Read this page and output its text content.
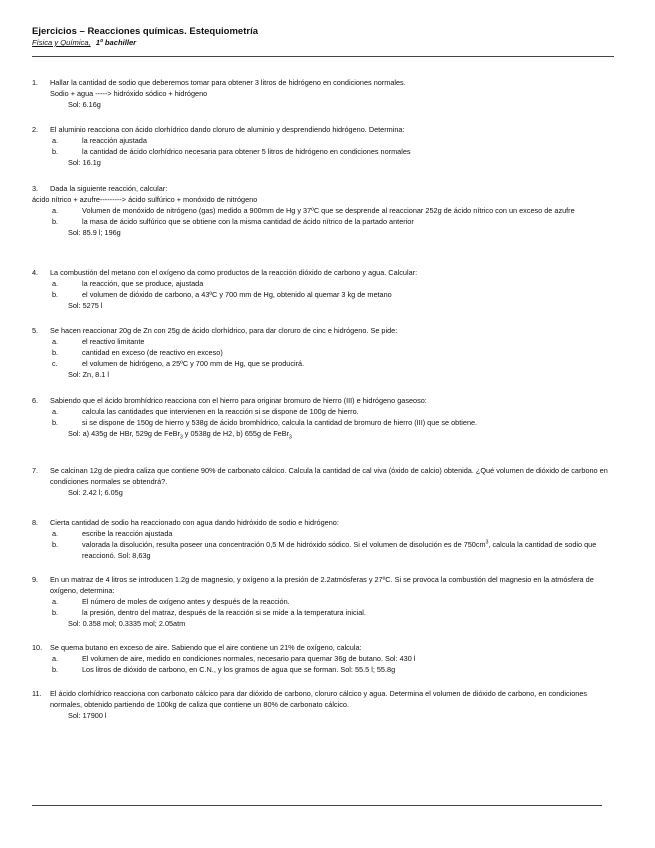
Ejercicios – Reacciones químicas. Estequiometría
Física y Química, 1º bachiller
1.	Hallar la cantidad de sodio que deberemos tomar para obtener 3 litros de hidrógeno en condiciones normales.
Sodio + agua -----> hidróxido sódico + hidrógeno
Sol: 6.16g
2.	El aluminio reacciona con ácido clorhídrico dando cloruro de aluminio y desprendiendo hidrógeno. Determina:
a.	la reacción ajustada
b.	la cantidad de ácido clorhídrico necesaria para obtener 5 litros de hidrógeno en condiciones normales
Sol: 16.1g
3.	Dada la siguiente reacción, calcular:
ácido nítrico + azufre---------> ácido sulfúrico + monóxido de nitrógeno
a.	Volumen de monóxido de nitrógeno (gas) medido a 900mm de Hg y 37ºC que se desprende al reaccionar 252g de ácido nítrico con un exceso de azufre
b.	la masa de ácido sulfúrico que se obtiene con la misma cantidad de ácido nítrico de la partado anterior
Sol: 85.9 l; 196g
4.	La combustión del metano con el oxígeno da como productos de la reacción dióxido de carbono y agua. Calcular:
a.	la reacción, que se produce, ajustada
b.	el volumen de dióxido de carbono, a 43ºC y 700 mm de Hg, obtenido al quemar 3 kg de metano
Sol: 5275 l
5.	Se hacen reaccionar 20g de Zn con 25g de ácido clorhídrico, para dar cloruro de cinc e hidrógeno. Se pide:
a.	el reactivo limitante
b.	cantidad en exceso (de reactivo en exceso)
c.	el volumen de hidrógeno, a 25ºC y 700 mm de Hg, que se producirá.
Sol: Zn, 8.1 l
6.	Sabiendo que el ácido bromhídrico reacciona con el hierro para originar bromuro de hierro (III) e hidrógeno gaseoso:
a.	calcula las cantidades que intervienen en la reacción si se dispone de 100g de hierro.
b.	si se dispone de 150g de hierro y 538g de ácido bromhídrico, calcula la cantidad de bromuro de hierro (III) que se obtiene.
Sol: a) 435g de HBr, 529g de FeBr$_3$ y 0538g de H2, b) 655g de FeBr$_3$
7.	Se calcinan 12g de piedra caliza que contiene 90% de carbonato cálcico. Calcula la cantidad de cal viva (óxido de calcio) obtenida. ¿Qué volumen de dióxido de carbono en condiciones normales se obtendrá?.
Sol: 2.42 l; 6.05g
8.	Cierta cantidad de sodio ha reaccionado con agua dando hidróxido de sodio e hidrógeno:
a.	escribe la reacción ajustada
b.	valorada la disolución, resulta poseer una concentración 0,5 M de hidróxido sódico. Si el volumen de disolución es de $750cm^3$, calcula la cantidad de sodio que reaccionó. Sol: 8,63g
9.	En un matraz de 4 litros se introducen 1.2g de magnesio, y oxígeno a la presión de 2.2atmósferas y 27ºC. Si se provoca la combustión del magnesio en la atmósfera de oxígeno, determina:
a.	El número de moles de oxígeno antes y después de la reacción.
b.	la presión, dentro del matraz, después de la reacción si se mide a la temperatura inicial.
Sol: 0.358 mol; 0.3335 mol; 2.05atm
10.	Se quema butano en exceso de aire. Sabiendo que el aire contiene un 21% de oxígeno, calcula:
a.	El volumen de aire, medido en condiciones normales, necesario para quemar 36g de butano. Sol: 430 l
b.	Los litros de dióxido de carbono, en C.N., y los gramos de agua que se forman. Sol: 55.5 l; 55.8g
11.	El ácido clorhídrico reacciona con carbonato cálcico para dar dióxido de carbono, cloruro cálcico y agua. Determina el volumen de dióxido de carbono, en condiciones normales, obtenido partiendo de 100kg de caliza que contiene un 80% de carbonato cálcico.
Sol: 17900 l
